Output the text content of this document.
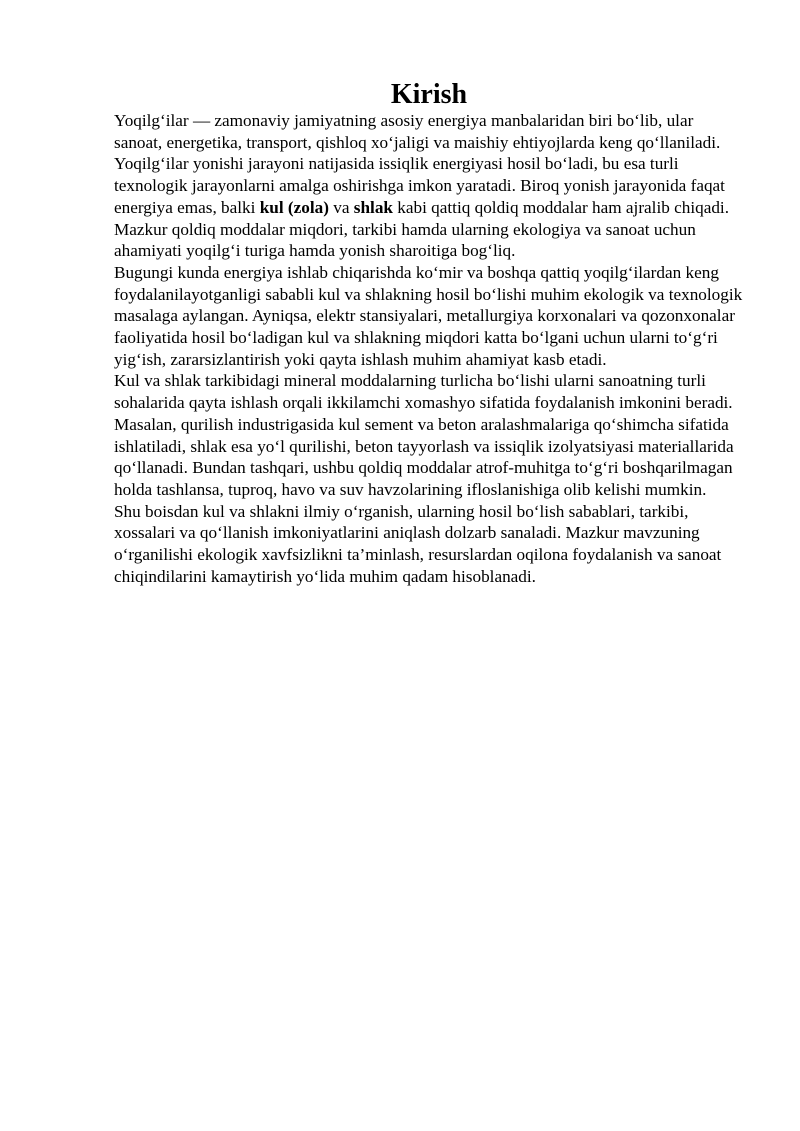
Kirish

Yoqilg‘ilar — zamonaviy jamiyatning asosiy energiya manbalaridan biri bo‘lib, ular sanoat, energetika, transport, qishloq xo‘jaligi va maishiy ehtiyojlarda keng qo‘llaniladi. Yoqilg‘ilar yonishi jarayoni natijasida issiqlik energiyasi hosil bo‘ladi, bu esa turli texnologik jarayonlarni amalga oshirishga imkon yaratadi. Biroq yonish jarayonida faqat energiya emas, balki kul (zola) va shlak kabi qattiq qoldiq moddalar ham ajralib chiqadi. Mazkur qoldiq moddalar miqdori, tarkibi hamda ularning ekologiya va sanoat uchun ahamiyati yoqilg‘i turiga hamda yonish sharoitiga bog‘liq.

Bugungi kunda energiya ishlab chiqarishda ko‘mir va boshqa qattiq yoqilg‘ilardan keng foydalanilayotganligi sababli kul va shlakning hosil bo‘lishi muhim ekologik va texnologik masalaga aylangan. Ayniqsa, elektr stansiyalari, metallurgiya korxonalari va qozonxonalar faoliyatida hosil bo‘ladigan kul va shlakning miqdori katta bo‘lgani uchun ularni to‘g‘ri yig‘ish, zararsizlantirish yoki qayta ishlash muhim ahamiyat kasb etadi.

Kul va shlak tarkibidagi mineral moddalarning turlicha bo‘lishi ularni sanoatning turli sohalarida qayta ishlash orqali ikkilamchi xomashyo sifatida foydalanish imkonini beradi. Masalan, qurilish industrigasida kul sement va beton aralashmalariga qo‘shimcha sifatida ishlatiladi, shlak esa yo‘l qurilishi, beton tayyorlash va issiqlik izolyatsiyasi materiallarida qo‘llanadi. Bundan tashqari, ushbu qoldiq moddalar atrof-muhitga to‘g‘ri boshqarilmagan holda tashlansa, tuproq, havo va suv havzolarining ifloslanishiga olib kelishi mumkin.

Shu boisdan kul va shlakni ilmiy o‘rganish, ularning hosil bo‘lish sabablari, tarkibi, xossalari va qo‘llanish imkoniyatlarini aniqlash dolzarb sanaladi. Mazkur mavzuning o‘rganilishi ekologik xavfsizlikni ta’minlash, resurslardan oqilona foydalanish va sanoat chiqindilarini kamaytirish yo‘lida muhim qadam hisoblanadi.
